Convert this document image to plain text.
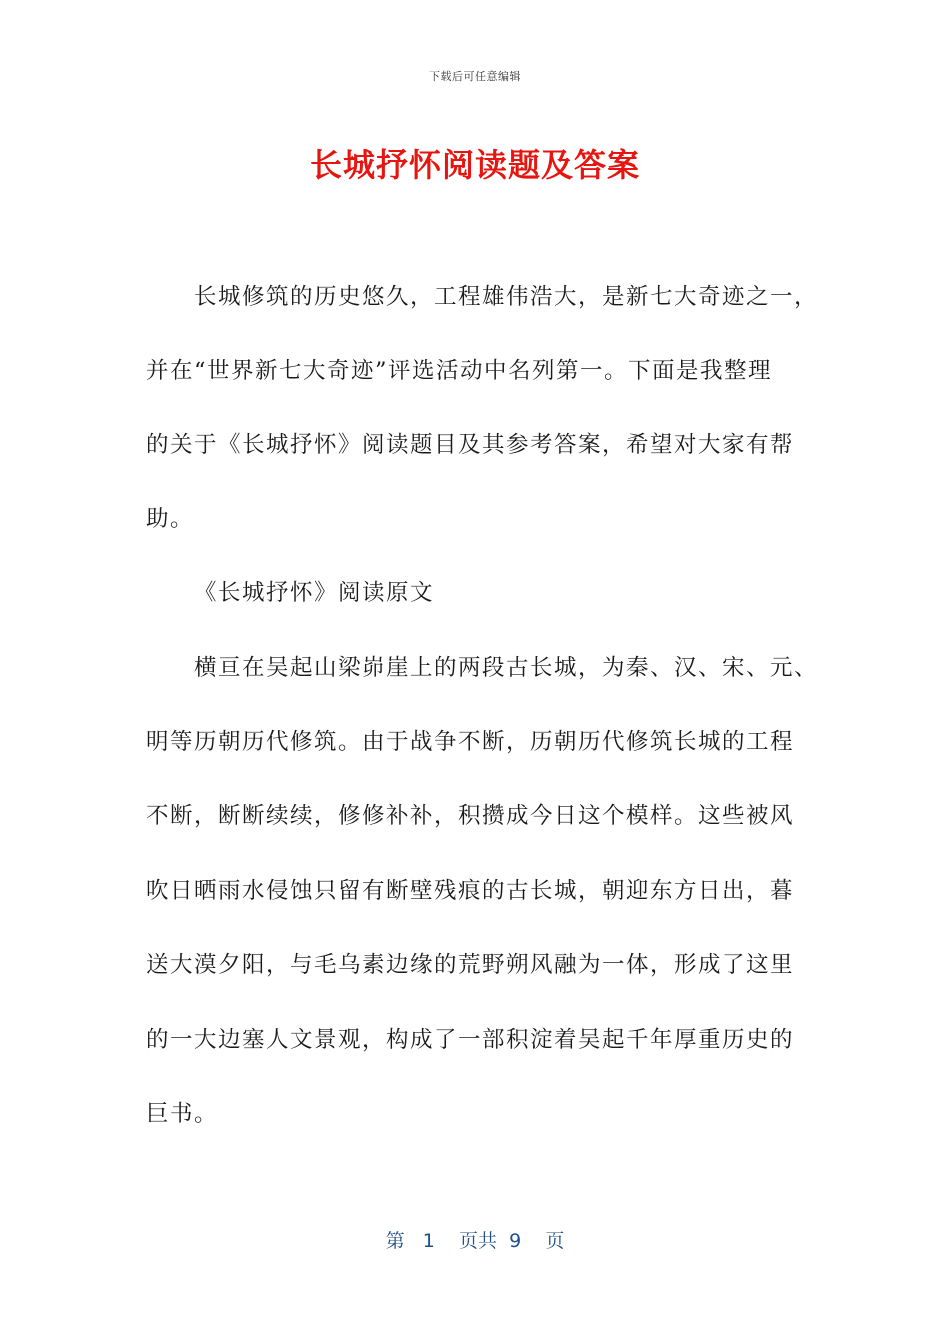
下载后可任意编辑
长城抒怀阅读题及答案
长城修筑的历史悠久，工程雄伟浩大，是新七大奇迹之一，
并在“世界新七大奇迹”评选活动中名列第一。下面是我整理
的关于《长城抒怀》阅读题目及其参考答案，希望对大家有帮
助。
《长城抒怀》阅读原文
横亘在吴起山梁峁崖上的两段古长城，为秦、汉、宋、元、
明等历朝历代修筑。由于战争不断，历朝历代修筑长城的工程
不断，断断续续，修修补补，积攒成今日这个模样。这些被风
吹日晒雨水侵蚀只留有断壁残痕的古长城，朝迎东方日出，暮
送大漠夕阳，与毛乌素边缘的荒野朔风融为一体，形成了这里
的一大边塞人文景观，构成了一部积淀着吴起千年厚重历史的
巨书。
第   1    页共  9    页
